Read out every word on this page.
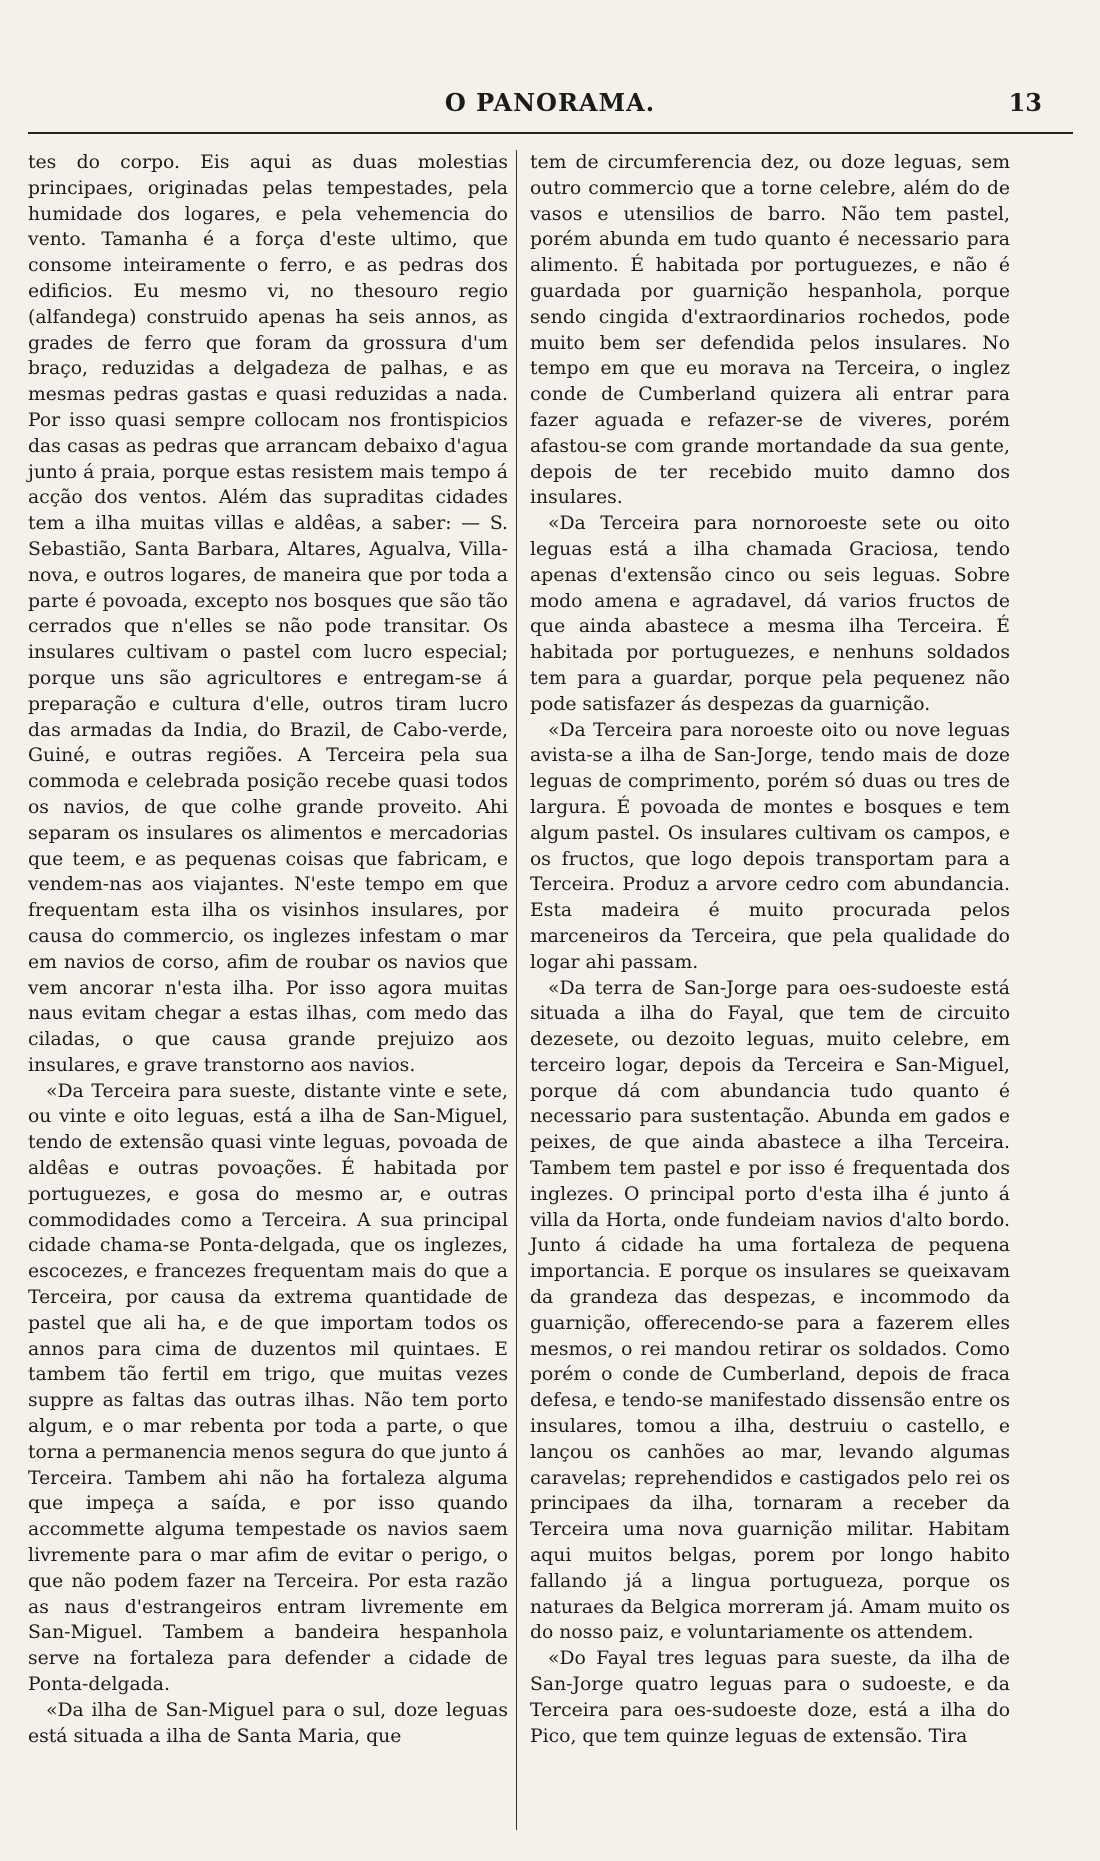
O PANORAMA.	13

tes do corpo. Eis aqui as duas molestias principaes, originadas pelas tempestades, pela humidade dos logares, e pela vehemencia do vento. Tamanha é a força d'este ultimo, que consome inteiramente o ferro, e as pedras dos edificios. Eu mesmo vi, no thesouro regio (alfandega) construido apenas ha seis annos, as grades de ferro que foram da grossura d'um braço, reduzidas a delgadeza de palhas, e as mesmas pedras gastas e quasi reduzidas a nada. Por isso quasi sempre collocam nos frontispicios das casas as pedras que arrancam debaixo d'agua junto á praia, porque estas resistem mais tempo á acção dos ventos. Além das supraditas cidades tem a ilha muitas villas e aldêas, a saber: — S. Sebastião, Santa Barbara, Altares, Agualva, Villa-nova, e outros logares, de maneira que por toda a parte é povoada, excepto nos bosques que são tão cerrados que n'elles se não pode transitar. Os insulares cultivam o pastel com lucro especial; porque uns são agricultores e entregam-se á preparação e cultura d'elle, outros tiram lucro das armadas da India, do Brazil, de Cabo-verde, Guiné, e outras regiões. A Terceira pela sua commoda e celebrada posição recebe quasi todos os navios, de que colhe grande proveito. Ahi separam os insulares os alimentos e mercadorias que teem, e as pequenas coisas que fabricam, e vendem-nas aos viajantes. N'este tempo em que frequentam esta ilha os visinhos insulares, por causa do commercio, os inglezes infestam o mar em navios de corso, afim de roubar os navios que vem ancorar n'esta ilha. Por isso agora muitas naus evitam chegar a estas ilhas, com medo das ciladas, o que causa grande prejuizo aos insulares, e grave transtorno aos navios.

«Da Terceira para sueste, distante vinte e sete, ou vinte e oito leguas, está a ilha de San-Miguel, tendo de extensão quasi vinte leguas, povoada de aldêas e outras povoações. É habitada por portuguezes, e gosa do mesmo ar, e outras commodidades como a Terceira. A sua principal cidade chama-se Ponta-delgada, que os inglezes, escocezes, e francezes frequentam mais do que a Terceira, por causa da extrema quantidade de pastel que ali ha, e de que importam todos os annos para cima de duzentos mil quintaes. E tambem tão fertil em trigo, que muitas vezes suppre as faltas das outras ilhas. Não tem porto algum, e o mar rebenta por toda a parte, o que torna a permanencia menos segura do que junto á Terceira. Tambem ahi não ha fortaleza alguma que impeça a saída, e por isso quando accommette alguma tempestade os navios saem livremente para o mar afim de evitar o perigo, o que não podem fazer na Terceira. Por esta razão as naus d'estrangeiros entram livremente em San-Miguel. Tambem a bandeira hespanhola serve na fortaleza para defender a cidade de Ponta-delgada.

«Da ilha de San-Miguel para o sul, doze leguas está situada a ilha de Santa Maria, que

tem de circumferencia dez, ou doze leguas, sem outro commercio que a torne celebre, além do de vasos e utensilios de barro. Não tem pastel, porém abunda em tudo quanto é necessario para alimento. É habitada por portuguezes, e não é guardada por guarnição hespanhola, porque sendo cingida d'extraordinarios rochedos, pode muito bem ser defendida pelos insulares. No tempo em que eu morava na Terceira, o inglez conde de Cumberland quizera ali entrar para fazer aguada e refazer-se de viveres, porém afastou-se com grande mortandade da sua gente, depois de ter recebido muito damno dos insulares.

«Da Terceira para nornoroeste sete ou oito leguas está a ilha chamada Graciosa, tendo apenas d'extensão cinco ou seis leguas. Sobre modo amena e agradavel, dá varios fructos de que ainda abastece a mesma ilha Terceira. É habitada por portuguezes, e nenhuns soldados tem para a guardar, porque pela pequenez não pode satisfazer ás despezas da guarnição.

«Da Terceira para noroeste oito ou nove leguas avista-se a ilha de San-Jorge, tendo mais de doze leguas de comprimento, porém só duas ou tres de largura. É povoada de montes e bosques e tem algum pastel. Os insulares cultivam os campos, e os fructos, que logo depois transportam para a Terceira. Produz a arvore cedro com abundancia. Esta madeira é muito procurada pelos marceneiros da Terceira, que pela qualidade do logar ahi passam.

«Da terra de San-Jorge para oes-sudoeste está situada a ilha do Fayal, que tem de circuito dezesete, ou dezoito leguas, muito celebre, em terceiro logar, depois da Terceira e San-Miguel, porque dá com abundancia tudo quanto é necessario para sustentação. Abunda em gados e peixes, de que ainda abastece a ilha Terceira. Tambem tem pastel e por isso é frequentada dos inglezes. O principal porto d'esta ilha é junto á villa da Horta, onde fundeiam navios d'alto bordo. Junto á cidade ha uma fortaleza de pequena importancia. E porque os insulares se queixavam da grandeza das despezas, e incommodo da guarnição, offerecendo-se para a fazerem elles mesmos, o rei mandou retirar os soldados. Como porém o conde de Cumberland, depois de fraca defesa, e tendo-se manifestado dissensão entre os insulares, tomou a ilha, destruiu o castello, e lançou os canhões ao mar, levando algumas caravelas; reprehendidos e castigados pelo rei os principaes da ilha, tornaram a receber da Terceira uma nova guarnição militar. Habitam aqui muitos belgas, porem por longo habito fallando já a lingua portugueza, porque os naturaes da Belgica morreram já. Amam muito os do nosso paiz, e voluntariamente os attendem.

«Do Fayal tres leguas para sueste, da ilha de San-Jorge quatro leguas para o sudoeste, e da Terceira para oes-sudoeste doze, está a ilha do Pico, que tem quinze leguas de extensão. Tira
